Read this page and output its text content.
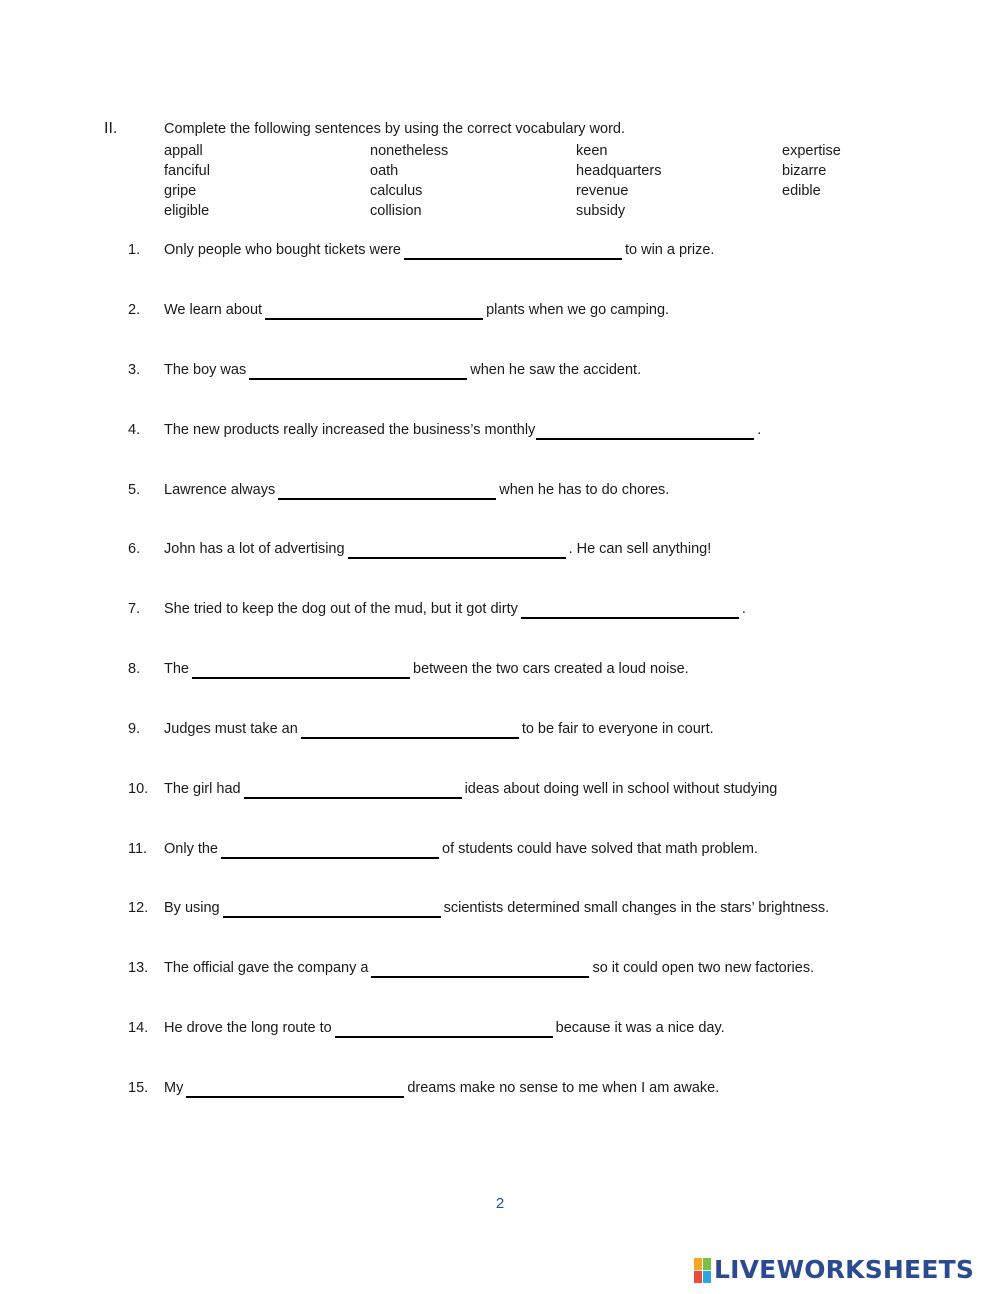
II.	Complete the following sentences by using the correct vocabulary word.
appall	nonetheless	keen	expertise
fanciful	oath	headquarters	bizarre
gripe	calculus	revenue	edible
eligible	collision	subsidy
1.	Only people who bought tickets were	to win a prize.
2.	We learn about	plants when we go camping.
3.	The boy was	when he saw the accident.
4.	The new products really increased the business’s monthly	.
5.	Lawrence always	when he has to do chores.
6.	John has a lot of advertising	. He can sell anything!
7.	She tried to keep the dog out of the mud, but it got dirty	.
8.	The	between the two cars created a loud noise.
9.	Judges must take an	to be fair to everyone in court.
10. The girl had	ideas about doing well in school without studying
11.	Only the	of students could have solved that math problem.
12. By using	scientists determined small changes in the stars’ brightness.
13. The official gave the company a	so it could open two new factories.
14. He drove the long route to	because it was a nice day.
15. My	dreams make no sense to me when I am awake.
2
LIVEWORKSHEETS
